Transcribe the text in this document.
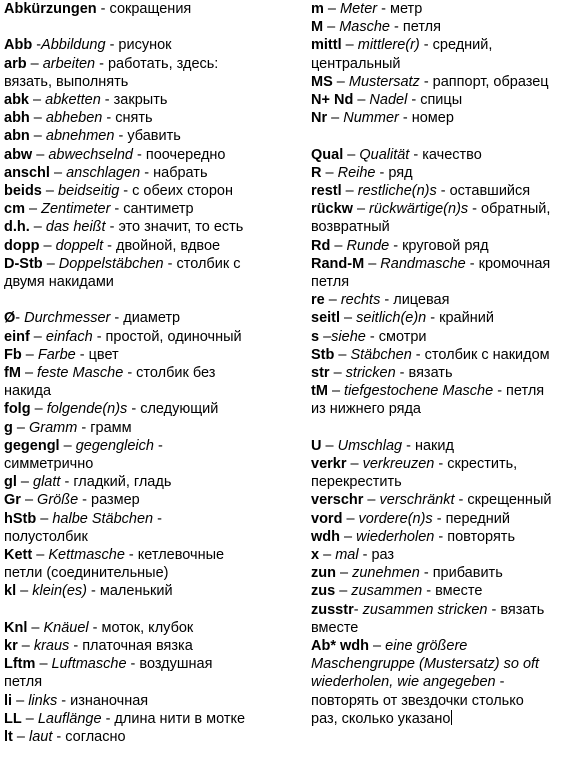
Abkürzungen - сокращения
Abb -Abbildung - рисунок
arb – arbeiten - работать, здесь:
вязать, выполнять
abk – abketten - закрыть
abh – abheben - снять
abn – abnehmen - убавить
abw – abwechselnd - поочередно
anschl – anschlagen - набрать
beids – beidseitig - с обеих сторон
cm – Zentimeter - сантиметр
d.h. – das heißt - это значит, то есть
dopp – doppelt - двойной, вдвое
D-Stb – Doppelstäbchen - столбик с
двумя накидами
Ø- Durchmesser - диаметр
einf – einfach - простой, одиночный
Fb – Farbe - цвет
fM – feste Masche - столбик без
накида
folg – folgende(n)s - следующий
g – Gramm - грамм
gegengl – gegengleich -
симметрично
gl – glatt - гладкий, гладь
Gr – Größe - размер
hStb – halbe Stäbchen -
полустолбик
Kett – Kettmasche - кетлевочные
петли (соединительные)
kl – klein(es) - маленький
Knl – Knäuel - моток, клубок
kr – kraus - платочная вязка
Lftm – Luftmasche - воздушная
петля
li – links - изнаночная
LL – Lauflänge - длина нити в мотке
lt – laut - согласно
m – Meter - метр
M – Masche - петля
mittl – mittlere(r) - средний,
центральный
MS – Mustersatz - раппорт, образец
N+ Nd – Nadel - спицы
Nr – Nummer - номер
Qual – Qualität - качество
R – Reihe - ряд
restl – restliche(n)s - оставшийся
rückw – rückwärtige(n)s - обратный,
возвратный
Rd – Runde - круговой ряд
Rand-M – Randmasche - кромочная
петля
re – rechts - лицевая
seitl – seitlich(e)n - крайний
s –siehe - смотри
Stb – Stäbchen - столбик с накидом
str – stricken - вязать
tM – tiefgestochene Masche - петля
из нижнего ряда
U – Umschlag - накид
verkr – verkreuzen - скрестить,
перекрестить
verschr – verschränkt - скрещенный
vord – vordere(n)s - передний
wdh – wiederholen - повторять
x – mal - раз
zun – zunehmen - прибавить
zus – zusammen - вместе
zusstr- zusammen stricken - вязать
вместе
Ab* wdh – eine größere
Maschengruppe (Mustersatz) so oft
wiederholen, wie angegeben -
повторять от звездочки столько
раз, сколько указано
